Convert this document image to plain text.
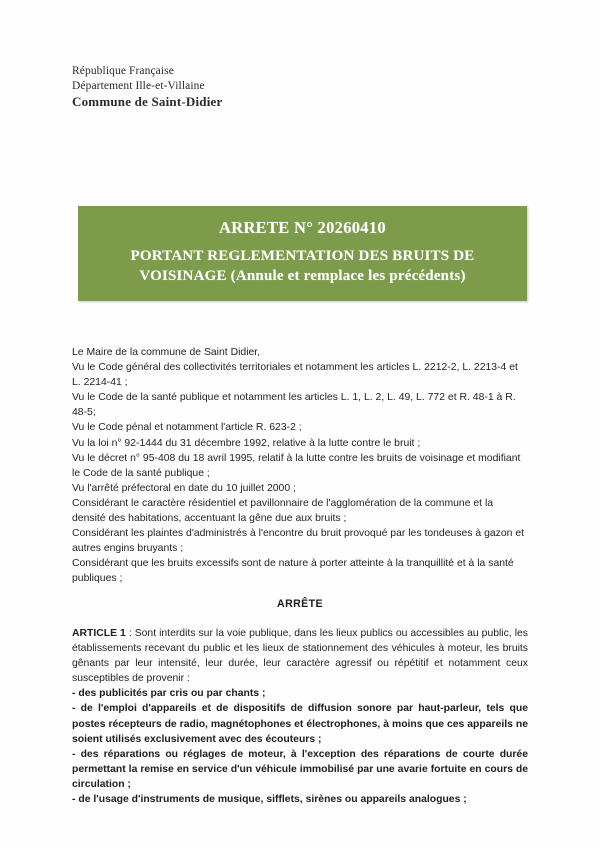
République Française
Département Ille-et-Villaine
Commune de Saint-Didier
ARRETE N° 20260410
PORTANT REGLEMENTATION DES BRUITS DE VOISINAGE (Annule et remplace les précédents)
Le Maire de la commune de Saint Didier,
Vu le Code général des collectivités territoriales et notamment les articles L. 2212-2, L. 2213-4 et L. 2214-41 ;
Vu le Code de la santé publique et notamment les articles L. 1, L. 2, L. 49, L. 772 et R. 48-1 à R. 48-5;
Vu le Code pénal et notamment l'article R. 623-2 ;
Vu la loi n° 92-1444 du 31 décembre 1992, relative à la lutte contre le bruit ;
Vu le décret n° 95-408 du 18 avril 1995, relatif à la lutte contre les bruits de voisinage et modifiant le Code de la santé publique ;
Vu l'arrêté préfectoral en date du 10 juillet 2000 ;
Considérant le caractère résidentiel et pavillonnaire de l'agglomération de la commune et la densité des habitations, accentuant la gêne due aux bruits ;
Considérant les plaintes d'administrés à l'encontre du bruit provoqué par les tondeuses à gazon et autres engins bruyants ;
Considérant que les bruits excessifs sont de nature à porter atteinte à la tranquillité et à la santé publiques ;
ARRÊTE

ARTICLE 1 : Sont interdits sur la voie publique, dans les lieux publics ou accessibles au public, les établissements recevant du public et les lieux de stationnement des véhicules à moteur, les bruits gênants par leur intensité, leur durée, leur caractère agressif ou répétitif et notamment ceux susceptibles de provenir :

- des publicités par cris ou par chants ;
- de l'emploi d'appareils et de dispositifs de diffusion sonore par haut-parleur, tels que postes récepteurs de radio, magnétophones et électrophones, à moins que ces appareils ne soient utilisés exclusivement avec des écouteurs ;
- des réparations ou réglages de moteur, à l'exception des réparations de courte durée permettant la remise en service d'un véhicule immobilisé par une avarie fortuite en cours de circulation ;
- de l'usage d'instruments de musique, sifflets, sirènes ou appareils analogues ;
